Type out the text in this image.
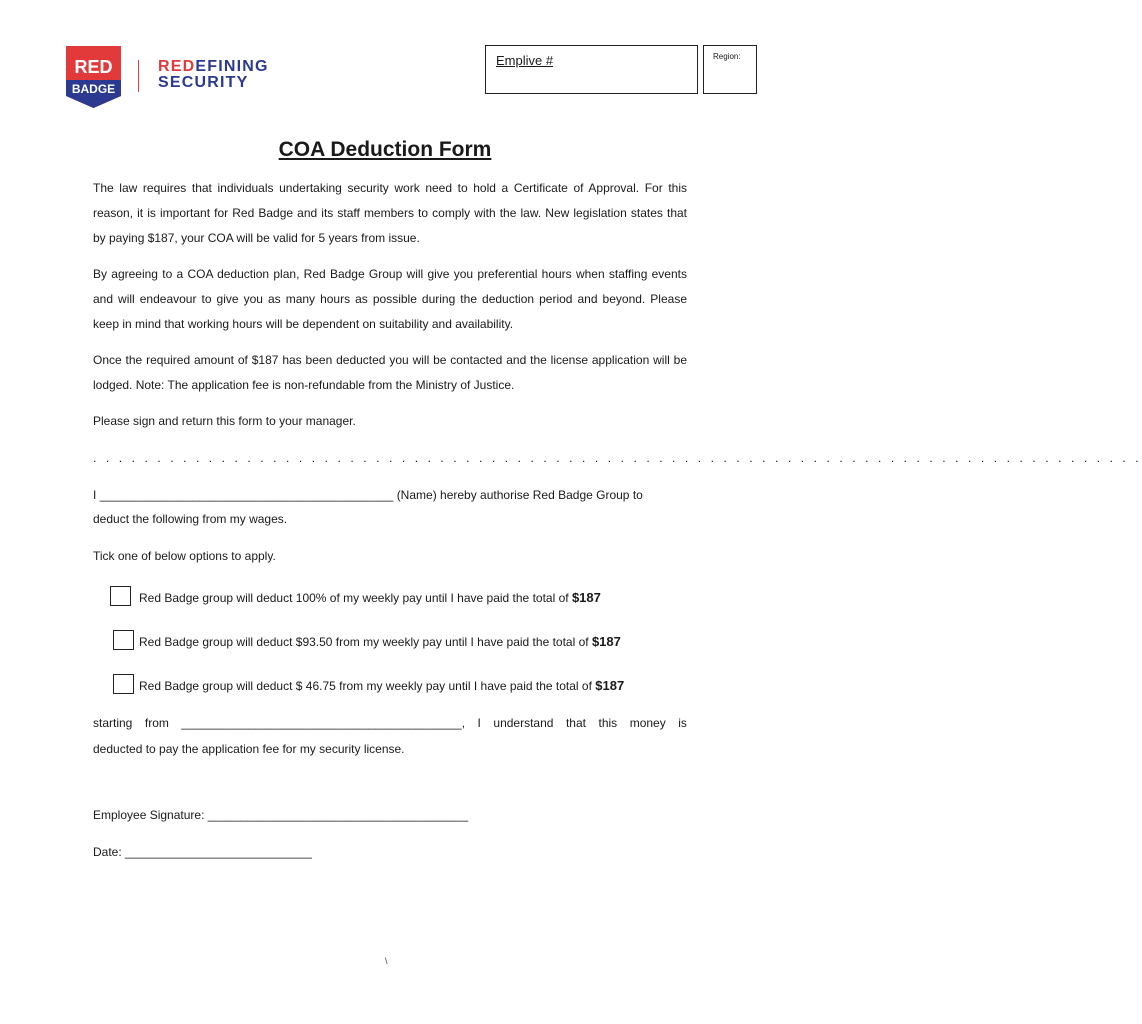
RED
BADGE
REDEFINING
SECURITY
Emplive #	Region:
COA Deduction Form
The law requires that individuals undertaking security work need to hold a Certificate of Approval. For this reason, it is important for Red Badge and its staff members to comply with the law. New legislation states that by paying $187, your COA will be valid for 5 years from issue.
By agreeing to a COA deduction plan, Red Badge Group will give you preferential hours when staffing events and will endeavour to give you as many hours as possible during the deduction period and beyond. Please keep in mind that working hours will be dependent on suitability and availability.
Once the required amount of $187 has been deducted you will be contacted and the license application will be lodged. Note: The application fee is non-refundable from the Ministry of Justice.
Please sign and return this form to your manager.
. . . . . . . . . . . . . . . . . . . . . . . . . . . . . . . . . . . . . . . . . . . . . . . . . . . . . . . . . . . . . . . . . . . . . . . . . . . . . . . . . .
I ____________________________________________ (Name) hereby authorise Red Badge Group to
deduct the following from my wages.
Tick one of below options to apply.
Red Badge group will deduct 100% of my weekly pay until I have paid the total of $187
Red Badge group will deduct $93.50 from my weekly pay until I have paid the total of $187
Red Badge group will deduct $ 46.75 from my weekly pay until I have paid the total of $187
starting from __________________________________________, I understand that this money is
deducted to pay the application fee for my security license.
Employee Signature: _______________________________________
Date: ____________________________
\
